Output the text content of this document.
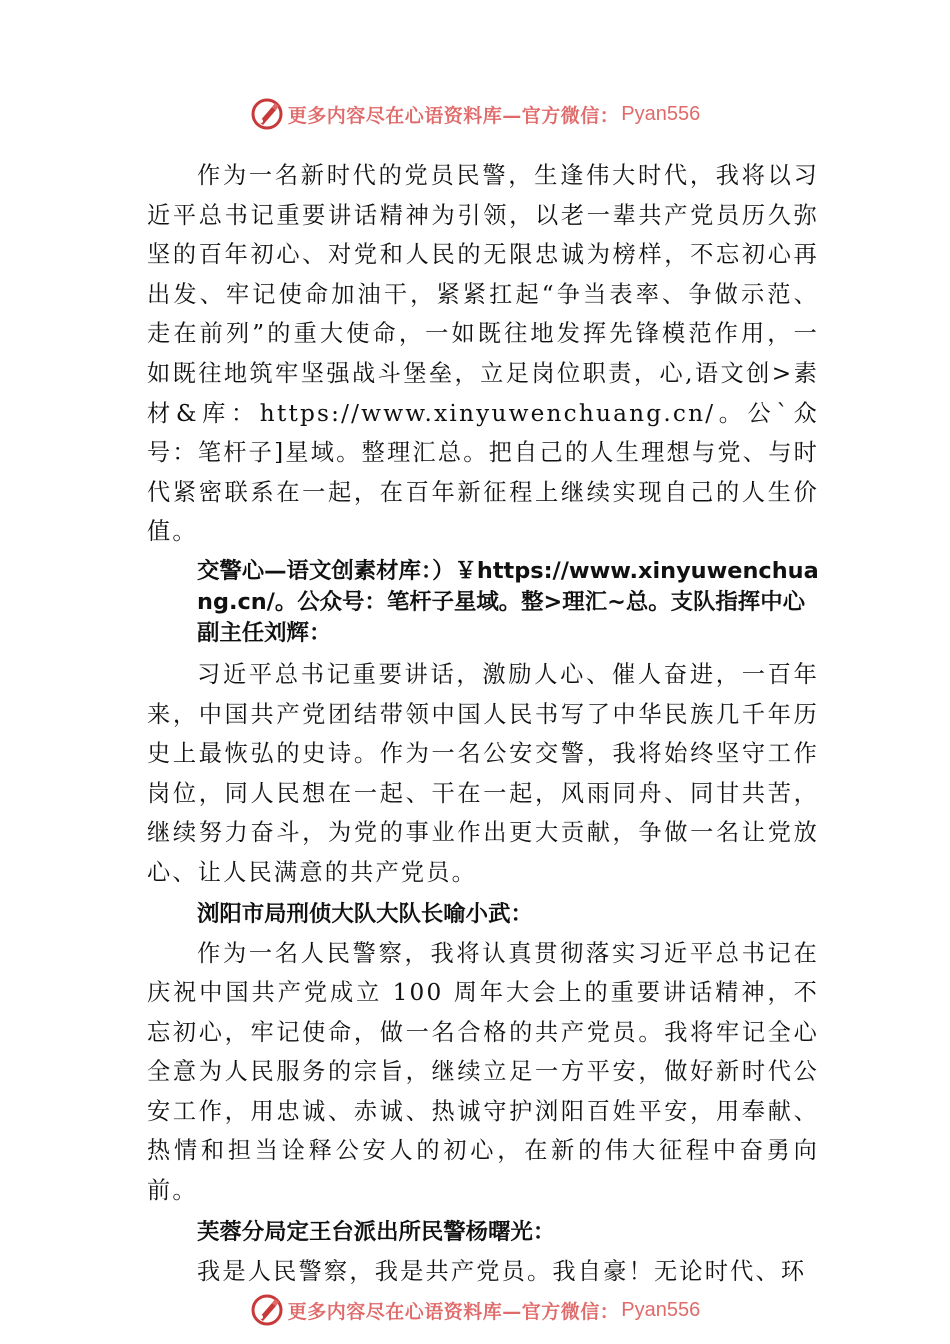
更多内容尽在心语资料库—官方微信： Pyan556

作为一名新时代的党员民警，生逢伟大时代，我将以习近平总书记重要讲话精神为引领，以老一辈共产党员历久弥坚的百年初心、对党和人民的无限忠诚为榜样，不忘初心再出发、牢记使命加油干，紧紧扛起“争当表率、争做示范、走在前列”的重大使命，一如既往地发挥先锋模范作用，一如既往地筑牢坚强战斗堡垒，立足岗位职责，心,语文创>素材&库：https://www.xinyuwenchuang.cn/。公`众号：笔杆子]星域。整理汇总。把自己的人生理想与党、与时代紧密联系在一起，在百年新征程上继续实现自己的人生价值。

交警心—语文创素材库：）￥https://www.xinyuwenchuang.cn/。公众号：笔杆子星域。整>理汇~总。支队指挥中心副主任刘辉：

习近平总书记重要讲话，激励人心、催人奋进，一百年来，中国共产党团结带领中国人民书写了中华民族几千年历史上最恢弘的史诗。作为一名公安交警，我将始终坚守工作岗位，同人民想在一起、干在一起，风雨同舟、同甘共苦，继续努力奋斗，为党的事业作出更大贡献，争做一名让党放心、让人民满意的共产党员。

浏阳市局刑侦大队大队长喻小武：

作为一名人民警察，我将认真贯彻落实习近平总书记在庆祝中国共产党成立 100 周年大会上的重要讲话精神，不忘初心，牢记使命，做一名合格的共产党员。我将牢记全心全意为人民服务的宗旨，继续立足一方平安，做好新时代公安工作，用忠诚、赤诚、热诚守护浏阳百姓平安，用奉献、热情和担当诠释公安人的初心，在新的伟大征程中奋勇向前。

芙蓉分局定王台派出所民警杨曙光：

我是人民警察，我是共产党员。我自豪！无论时代、环

更多内容尽在心语资料库—官方微信： Pyan556
